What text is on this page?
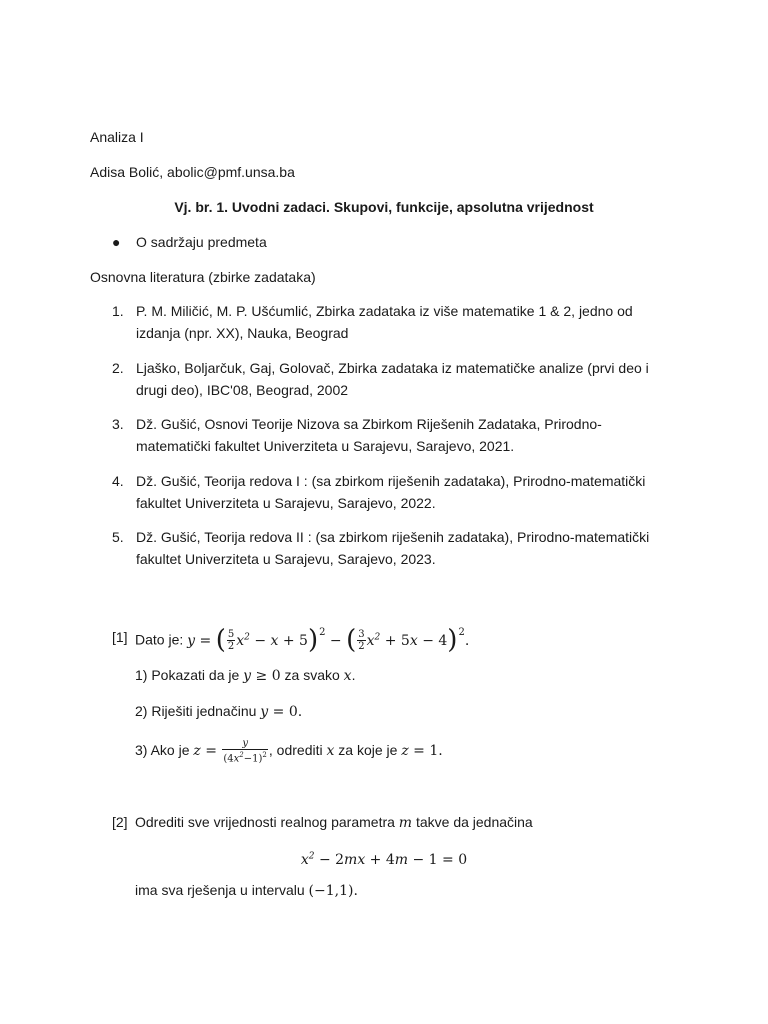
Analiza I
Adisa Bolić, abolic@pmf.unsa.ba
Vj. br. 1. Uvodni zadaci. Skupovi, funkcije, apsolutna vrijednost
● O sadržaju predmeta
Osnovna literatura (zbirke zadataka)
1. P. M. Miličić, M. P. Ušćumlić, Zbirka zadataka iz više matematike 1 & 2, jedno od izdanja (npr. XX), Nauka, Beograd
2. Ljaško, Boljarčuk, Gaj, Golovač, Zbirka zadataka iz matematičke analize (prvi deo i drugi deo), IBC'08, Beograd, 2002
3. Dž. Gušić, Osnovi Teorije Nizova sa Zbirkom Riješenih Zadataka, Prirodno-matematički fakultet Univerziteta u Sarajevu, Sarajevo, 2021.
4. Dž. Gušić, Teorija redova I : (sa zbirkom riješenih zadataka), Prirodno-matematički fakultet Univerziteta u Sarajevu, Sarajevo, 2022.
5. Dž. Gušić, Teorija redova II : (sa zbirkom riješenih zadataka), Prirodno-matematički fakultet Univerziteta u Sarajevu, Sarajevo, 2023.
[1] Dato je: y = ( $\frac{5}{2} x^2 - x + 5)^2$ − ( $\frac{3}{2} x^2 + 5x - 4)^2$.
1) Pokazati da je y ≥ 0 za svako x.
2) Riješiti jednačinu y = 0.
3) Ako je $z = \frac{y}{(4x^2-1)^2}$ , odrediti x za koje je z = 1.
[2] Odrediti sve vrijednosti realnog parametra m takve da jednačina
$x^2 - 2mx + 4m - 1 = 0$
ima sva rješenja u intervalu (−1,1).
